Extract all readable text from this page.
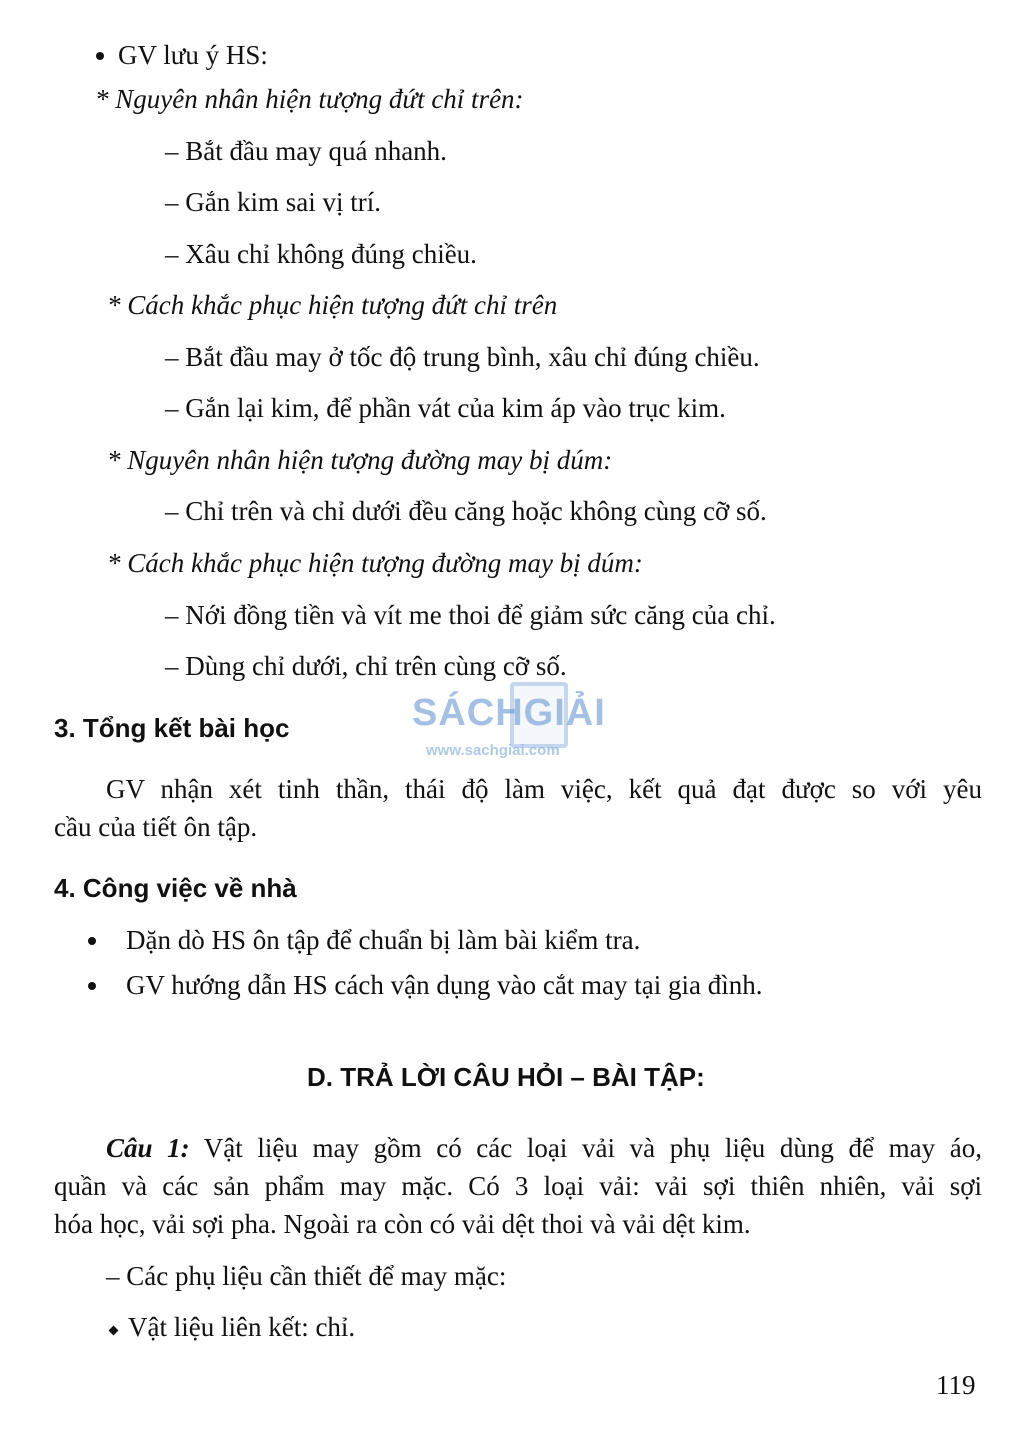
GV lưu ý HS:
* Nguyên nhân hiện tượng đứt chỉ trên:
– Bắt đầu may quá nhanh.
– Gắn kim sai vị trí.
– Xâu chỉ không đúng chiều.
* Cách khắc phục hiện tượng đứt chỉ trên
– Bắt đầu may ở tốc độ trung bình, xâu chỉ đúng chiều.
– Gắn lại kim, để phần vát của kim áp vào trục kim.
* Nguyên nhân hiện tượng đường may bị dúm:
– Chỉ trên và chỉ dưới đều căng hoặc không cùng cỡ số.
* Cách khắc phục hiện tượng đường may bị dúm:
– Nới đồng tiền và vít me thoi để giảm sức căng của chỉ.
– Dùng chỉ dưới, chỉ trên cùng cỡ số.
SÁCHGIẢI
www.sachgiai.com
3. Tổng kết bài học
GV nhận xét tinh thần, thái độ làm việc, kết quả đạt được so với yêu
cầu của tiết ôn tập.
4. Công việc về nhà
Dặn dò HS ôn tập để chuẩn bị làm bài kiểm tra.
GV hướng dẫn HS cách vận dụng vào cắt may tại gia đình.
D. TRẢ LỜI CÂU HỎI – BÀI TẬP:
Câu 1: Vật liệu may gồm có các loại vải và phụ liệu dùng để may áo,
quần và các sản phẩm may mặc. Có 3 loại vải: vải sợi thiên nhiên, vải sợi
hóa học, vải sợi pha. Ngoài ra còn có vải dệt thoi và vải dệt kim.
– Các phụ liệu cần thiết để may mặc:
Vật liệu liên kết: chỉ.
119
